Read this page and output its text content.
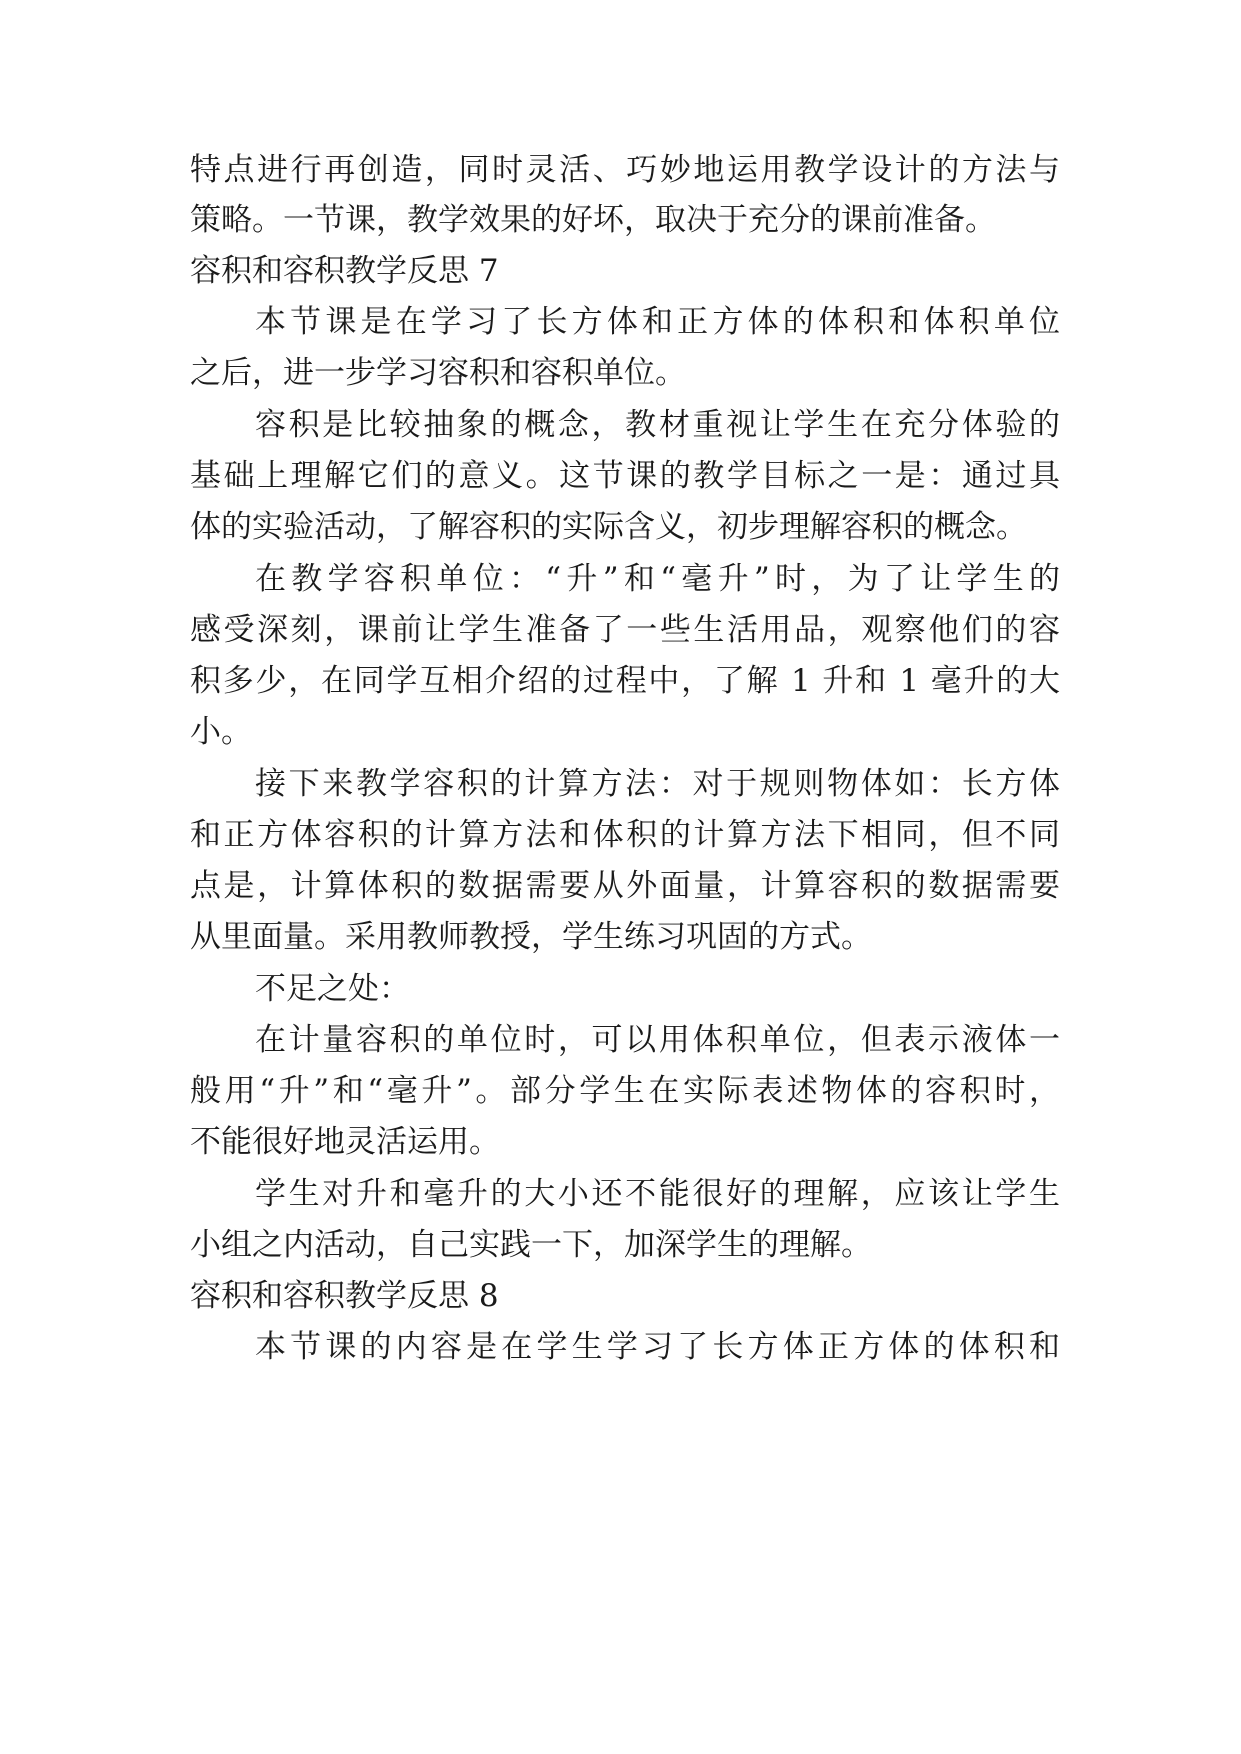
特点进行再创造，同时灵活、巧妙地运用教学设计的方法与
策略。一节课，教学效果的好坏，取决于充分的课前准备。
容积和容积教学反思 7
本节课是在学习了长方体和正方体的体积和体积单位
之后，进一步学习容积和容积单位。
容积是比较抽象的概念，教材重视让学生在充分体验的
基础上理解它们的意义。这节课的教学目标之一是：通过具
体的实验活动，了解容积的实际含义，初步理解容积的概念。
在教学容积单位：“升”和“毫升”时，为了让学生的
感受深刻，课前让学生准备了一些生活用品，观察他们的容
积多少，在同学互相介绍的过程中，了解 1 升和 1 毫升的大
小。
接下来教学容积的计算方法：对于规则物体如：长方体
和正方体容积的计算方法和体积的计算方法下相同，但不同
点是，计算体积的数据需要从外面量，计算容积的数据需要
从里面量。采用教师教授，学生练习巩固的方式。
不足之处：
在计量容积的单位时，可以用体积单位，但表示液体一
般用“升”和“毫升”。部分学生在实际表述物体的容积时，
不能很好地灵活运用。
学生对升和毫升的大小还不能很好的理解，应该让学生
小组之内活动，自己实践一下，加深学生的理解。
容积和容积教学反思 8
本节课的内容是在学生学习了长方体正方体的体积和
